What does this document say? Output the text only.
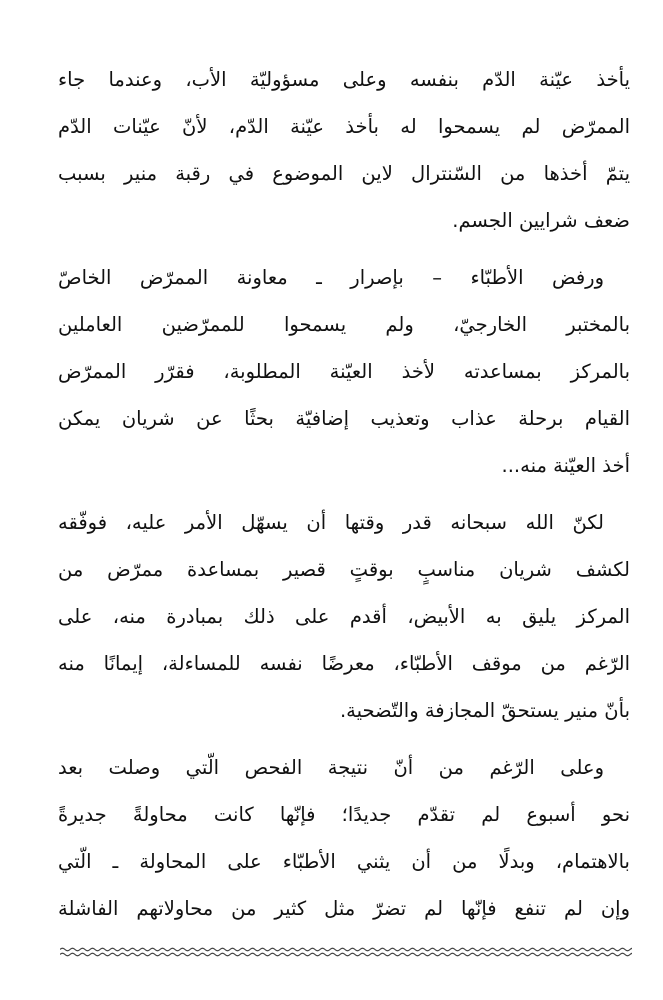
يأخذ عيّنة الدّم بنفسه وعلى مسؤوليّة الأب، وعندما جاء
الممرّض لم يسمحوا له بأخذ عيّنة الدّم، لأنّ عيّنات الدّم
يتمّ أخذها من السّنترال لاين الموضوع في رقبة منير بسبب
ضعف شرايين الجسم.

ورفض الأطبّاء – بإصرار ـ معاونة الممرّض الخاصّ
بالمختبر الخارجيّ، ولم يسمحوا للممرّضين العاملين
بالمركز بمساعدته لأخذ العيّنة المطلوبة، فقرّر الممرّض
القيام برحلة عذاب وتعذيب إضافيّة بحثًا عن شريان يمكن
أخذ العيّنة منه...

لكنّ الله سبحانه قدر وقتها أن يسهّل الأمر عليه، فوفّقه
لكشف شريان مناسبٍ بوقتٍ قصير بمساعدة ممرّض من
المركز يليق به الأبيض، أقدم على ذلك بمبادرة منه، على
الرّغم من موقف الأطبّاء، معرضًا نفسه للمساءلة، إيمانًا منه
بأنّ منير يستحقّ المجازفة والتّضحية.

وعلى الرّغم من أنّ نتيجة الفحص الّتي وصلت بعد
نحو أسبوع لم تقدّم جديدًا؛ فإنّها كانت محاولةً جديرةً
بالاهتمام، وبدلًا من أن يثني الأطبّاء على المحاولة ـ الّتي
وإن لم تنفع فإنّها لم تضرّ مثل كثير من محاولاتهم الفاشلة
